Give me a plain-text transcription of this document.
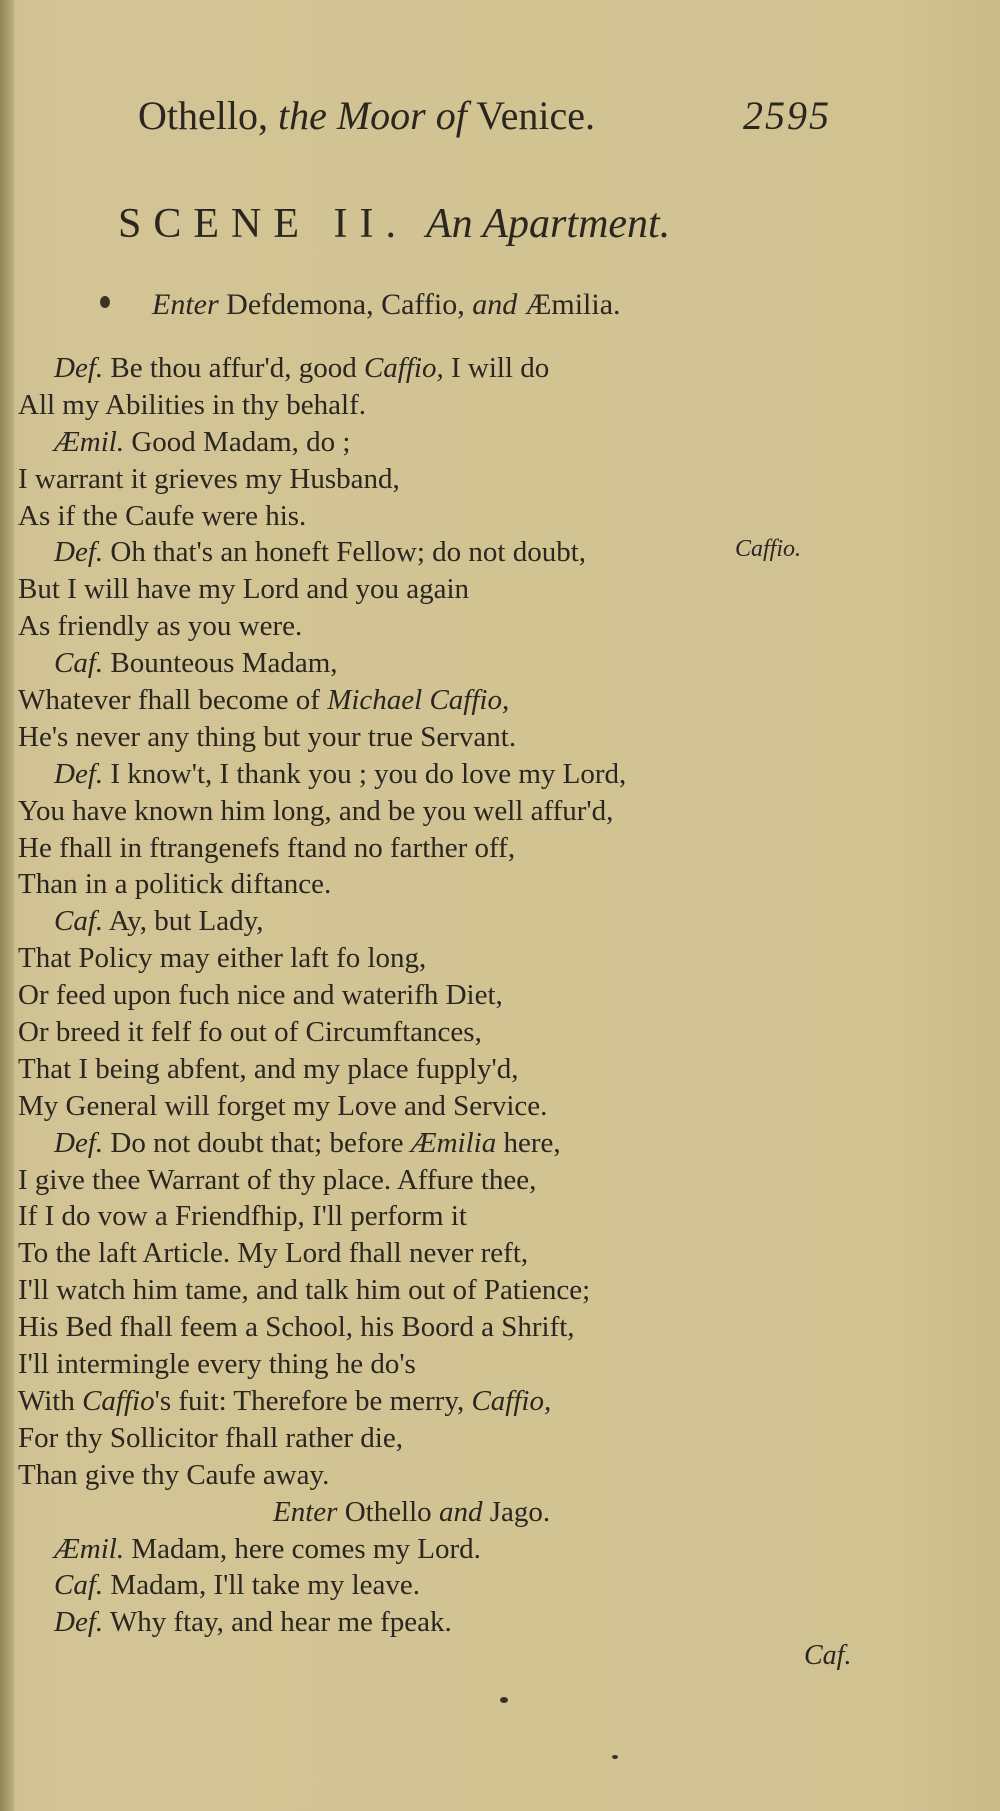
Othello, the Moor of Venice.	2595
SCENE II. An Apartment.
Enter Defdemona, Caffio, and Æmilia.
Def. Be thou affur'd, good Caffio, I will do
All my Abilities in thy behalf.
Æmil. Good Madam, do ;
I warrant it grieves my Husband,
As if the Caufe were his.
Def. Oh that's an honeft Fellow; do not doubt,
But I will have my Lord and you again
As friendly as you were.
Caf. Bounteous Madam,
Whatever fhall become of Michael Caffio,
He's never any thing but your true Servant.
Def. I know't, I thank you ; you do love my Lord,
You have known him long, and be you well affur'd,
He fhall in ftrangenefs ftand no farther off,
Than in a politick diftance.
Caf. Ay, but Lady,
That Policy may either laft fo long,
Or feed upon fuch nice and waterifh Diet,
Or breed it felf fo out of Circumftances,
That I being abfent, and my place fupply'd,
My General will forget my Love and Service.
Def. Do not doubt that; before Æmilia here,
I give thee Warrant of thy place. Affure thee,
If I do vow a Friendfhip, I'll perform it
To the laft Article. My Lord fhall never reft,
I'll watch him tame, and talk him out of Patience;
His Bed fhall feem a School, his Boord a Shrift,
I'll intermingle every thing he do's
With Caffio's fuit: Therefore be merry, Caffio,
For thy Sollicitor fhall rather die,
Than give thy Caufe away.
Enter Othello and Jago.
Æmil. Madam, here comes my Lord.
Caf. Madam, I'll take my leave.
Def. Why ftay, and hear me fpeak.
Caffio.
Caf.
